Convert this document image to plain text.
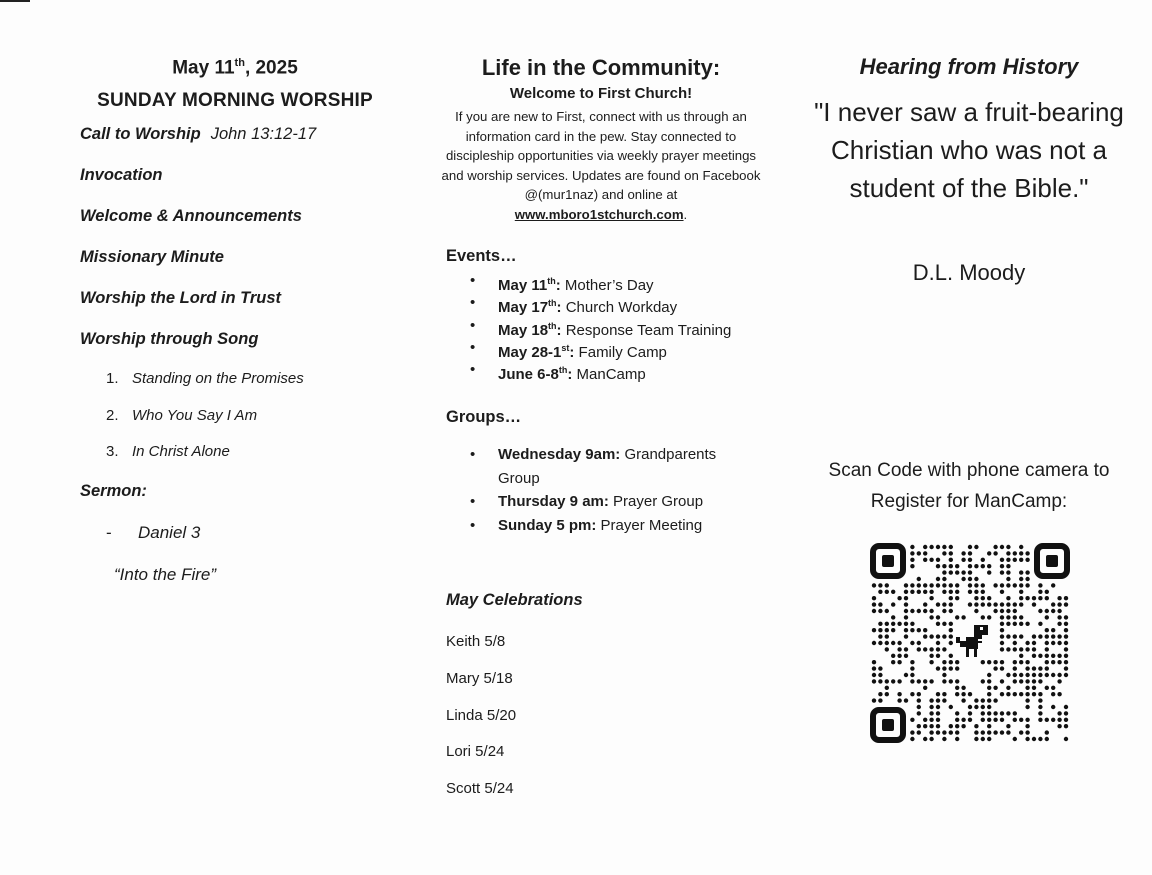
May 11th, 2025
SUNDAY MORNING WORSHIP
Call to Worship John 13:12-17
Invocation
Welcome & Announcements
Missionary Minute
Worship the Lord in Trust
Worship through Song
1. Standing on the Promises
2. Who You Say I Am
3. In Christ Alone
Sermon:
- Daniel 3
“Into the Fire”
Life in the Community:
Welcome to First Church!
If you are new to First, connect with us through an information card in the pew. Stay connected to discipleship opportunities via weekly prayer meetings and worship services. Updates are found on Facebook @(mur1naz) and online at www.mboro1stchurch.com.
Events…
• May 11th: Mother’s Day
• May 17th: Church Workday
• May 18th: Response Team Training
• May 28-1st: Family Camp
• June 6-8th: ManCamp
Groups…
• Wednesday 9am: Grandparents Group
• Thursday 9 am: Prayer Group
• Sunday 5 pm: Prayer Meeting
May Celebrations
Keith 5/8
Mary 5/18
Linda 5/20
Lori 5/24
Scott 5/24
Hearing from History
"I never saw a fruit-bearing Christian who was not a student of the Bible."
D.L. Moody
Scan Code with phone camera to Register for ManCamp:
